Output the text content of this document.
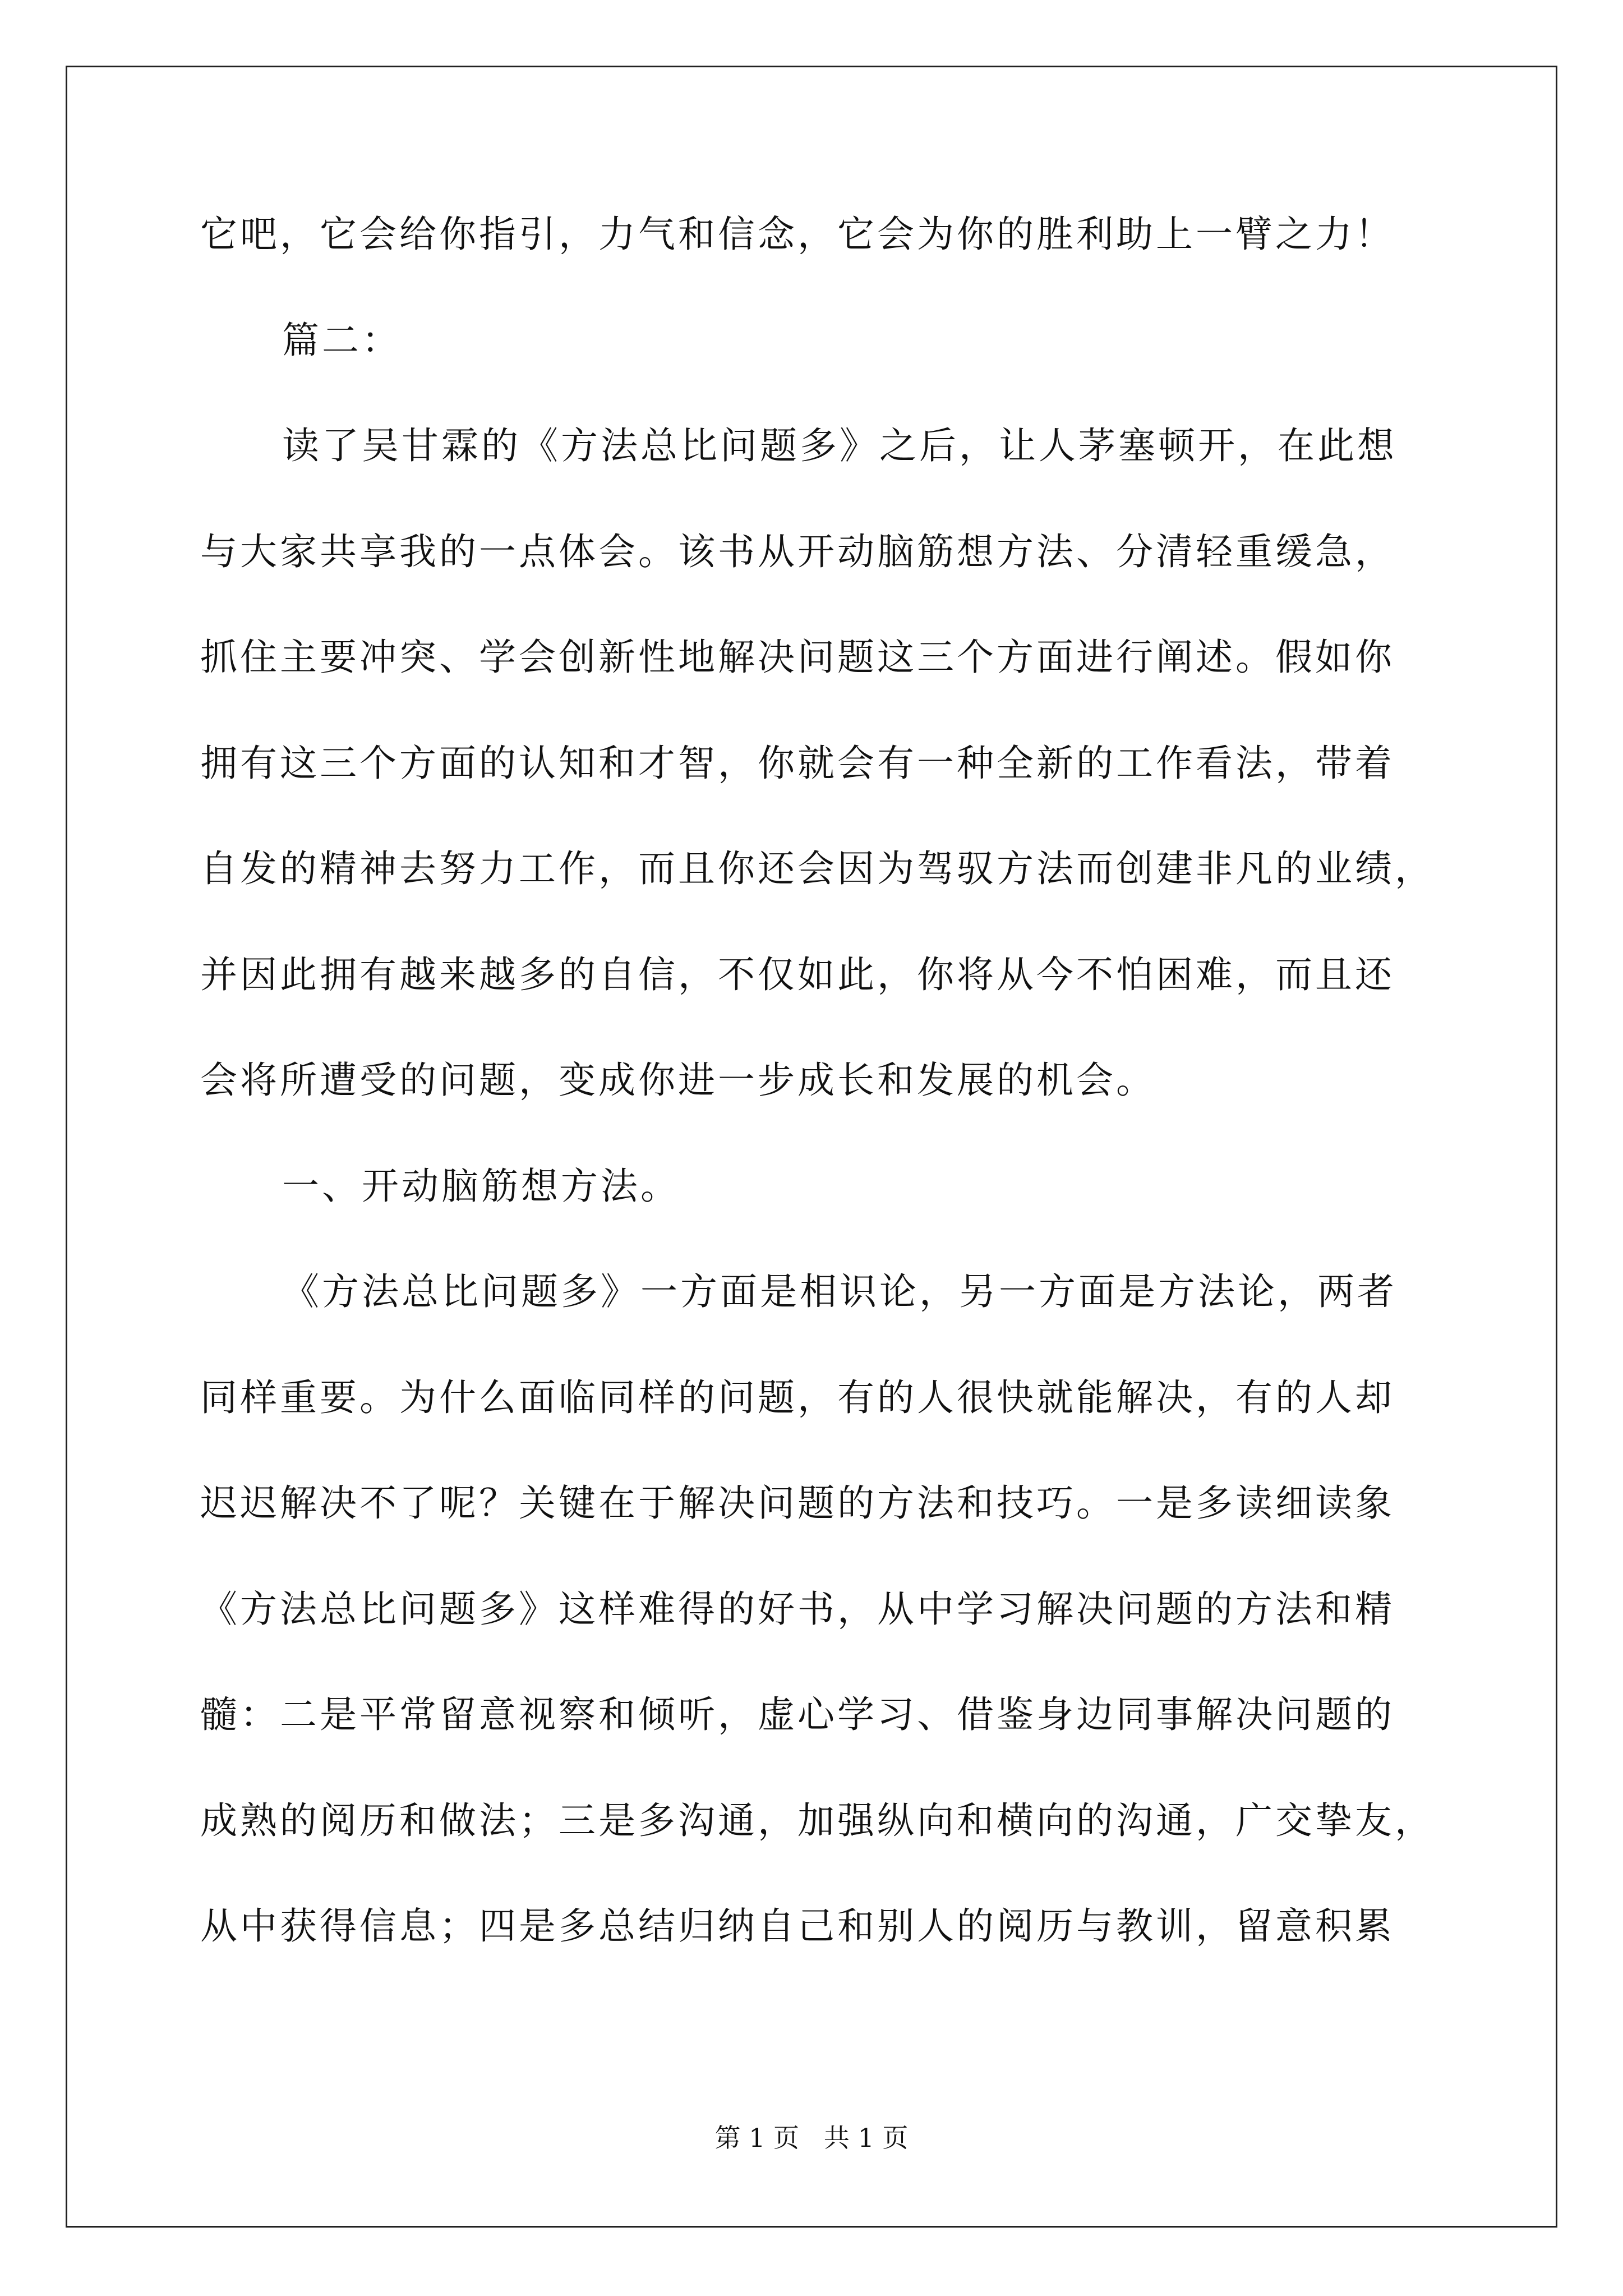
它吧，它会给你指引，力气和信念，它会为你的胜利助上一臂之力！
篇二：
读了吴甘霖的《方法总比问题多》之后，让人茅塞顿开，在此想
与大家共享我的一点体会。该书从开动脑筋想方法、分清轻重缓急，
抓住主要冲突、学会创新性地解决问题这三个方面进行阐述。假如你
拥有这三个方面的认知和才智，你就会有一种全新的工作看法，带着
自发的精神去努力工作，而且你还会因为驾驭方法而创建非凡的业绩，
并因此拥有越来越多的自信，不仅如此，你将从今不怕困难，而且还
会将所遭受的问题，变成你进一步成长和发展的机会。
一、开动脑筋想方法。
《方法总比问题多》一方面是相识论，另一方面是方法论，两者
同样重要。为什么面临同样的问题，有的人很快就能解决，有的人却
迟迟解决不了呢？关键在于解决问题的方法和技巧。一是多读细读象
《方法总比问题多》这样难得的好书，从中学习解决问题的方法和精
髓：二是平常留意视察和倾听，虚心学习、借鉴身边同事解决问题的
成熟的阅历和做法；三是多沟通，加强纵向和横向的沟通，广交挚友，
从中获得信息；四是多总结归纳自己和别人的阅历与教训，留意积累
第 1 页   共 1 页
